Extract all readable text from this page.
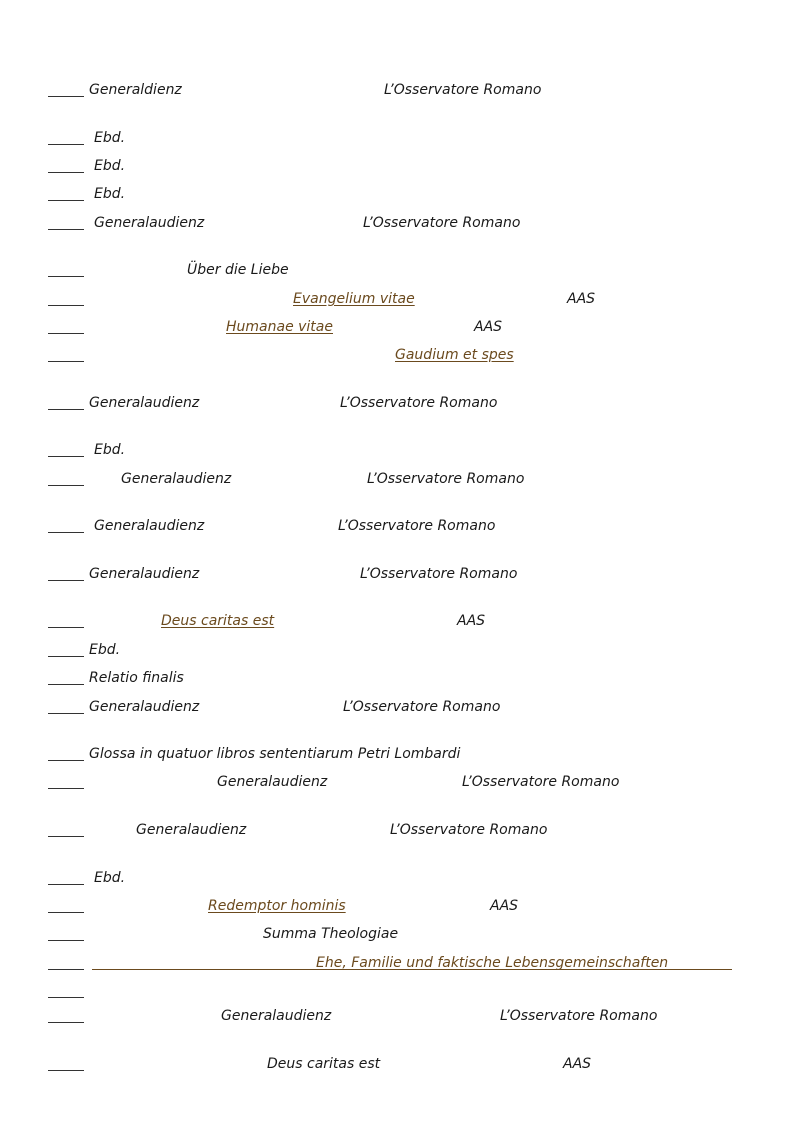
Generaldienz	L’Osservatore Romano
Ebd.
Ebd.
Ebd.
Generalaudienz	L’Osservatore Romano
Über die Liebe
Evangelium vitae	AAS
Humanae vitae	AAS
Gaudium et spes
Generalaudienz	L’Osservatore Romano
Ebd.
Generalaudienz	L’Osservatore Romano
Generalaudienz	L’Osservatore Romano
Generalaudienz	L’Osservatore Romano
Deus caritas est	AAS
Ebd.
Relatio finalis
Generalaudienz	L’Osservatore Romano
Glossa in quatuor libros sententiarum Petri Lombardi
Generalaudienz	L’Osservatore Romano
Generalaudienz	L’Osservatore Romano
Ebd.
Redemptor hominis	AAS
Summa Theologiae
Ehe, Familie und faktische Lebensgemeinschaften
Generalaudienz	L’Osservatore Romano
Deus caritas est	AAS
